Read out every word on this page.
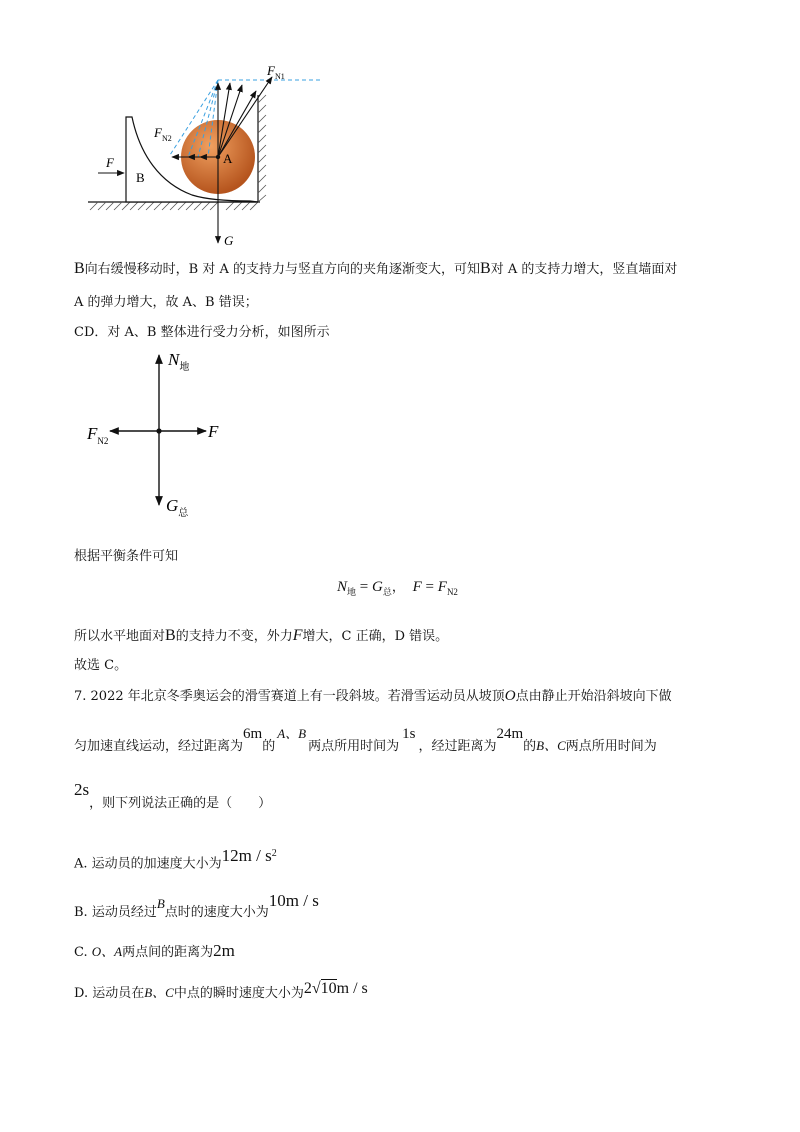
$F_{N1}$
$F_{N2}$
F
B
A
G
B向右缓慢移动时，B 对 A 的支持力与竖直方向的夹角逐渐变大，可知B对 A 的支持力增大，竖直墙面对
A 的弹力增大，故 A、B 错误；
CD．对 A、B 整体进行受力分析，如图所示
$N_地$
$F_{N2}$	F
$G_总$
根据平衡条件可知
$N_地 = G_总$， $F = F_{N2}$
所以水平地面对B的支持力不变，外力F增大，C 正确，D 错误。
故选 C。
7. 2022 年北京冬季奥运会的滑雪赛道上有一段斜坡。若滑雪运动员从坡顶O点由静止开始沿斜坡向下做
匀加速直线运动，经过距离为6m的A、B两点所用时间为1s，经过距离为24m的B、C两点所用时间为
2s，则下列说法正确的是（　　）
A. 运动员的加速度大小为$12m / s^2$
B. 运动员经过B点时的速度大小为10m / s
C. O、A两点间的距离为2m
D. 运动员在B、C中点的瞬时速度大小为2√10m / s
